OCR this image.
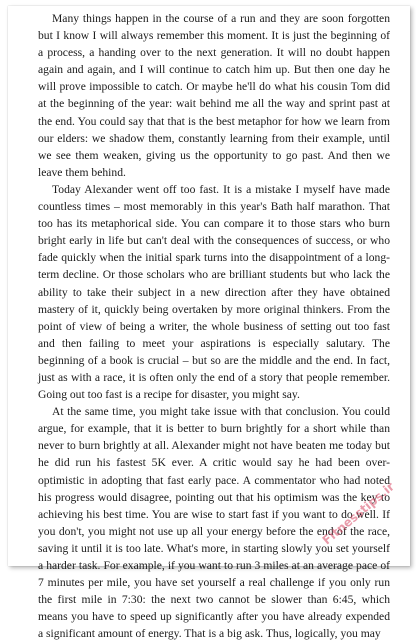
Many things happen in the course of a run and they are soon forgotten but I know I will always remember this moment. It is just the beginning of a process, a handing over to the next generation. It will no doubt happen again and again, and I will continue to catch him up. But then one day he will prove impossible to catch. Or maybe he'll do what his cousin Tom did at the beginning of the year: wait behind me all the way and sprint past at the end. You could say that that is the best metaphor for how we learn from our elders: we shadow them, constantly learning from their example, until we see them weaken, giving us the opportunity to go past. And then we leave them behind.

Today Alexander went off too fast. It is a mistake I myself have made countless times – most memorably in this year's Bath half marathon. That too has its metaphorical side. You can compare it to those stars who burn bright early in life but can't deal with the consequences of success, or who fade quickly when the initial spark turns into the disappointment of a long-term decline. Or those scholars who are brilliant students but who lack the ability to take their subject in a new direction after they have obtained mastery of it, quickly being overtaken by more original thinkers. From the point of view of being a writer, the whole business of setting out too fast and then failing to meet your aspirations is especially salutary. The beginning of a book is crucial – but so are the middle and the end. In fact, just as with a race, it is often only the end of a story that people remember. Going out too fast is a recipe for disaster, you might say.

At the same time, you might take issue with that conclusion. You could argue, for example, that it is better to burn brightly for a short while than never to burn brightly at all. Alexander might not have beaten me today but he did run his fastest 5K ever. A critic would say he had been over-optimistic in adopting that fast early pace. A commentator who had noted his progress would disagree, pointing out that his optimism was the key to achieving his best time. You are wise to start fast if you want to do well. If you don't, you might not use up all your energy before the end of the race, saving it until it is too late. What's more, in starting slowly you set yourself a harder task. For example, if you want to run 3 miles at an average pace of 7 minutes per mile, you have set yourself a real challenge if you only run the first mile in 7:30: the next two cannot be slower than 6:45, which means you have to speed up significantly after you have already expended a significant amount of energy. That is a big ask. Thus, logically, you may

Fitnesstips.ir
